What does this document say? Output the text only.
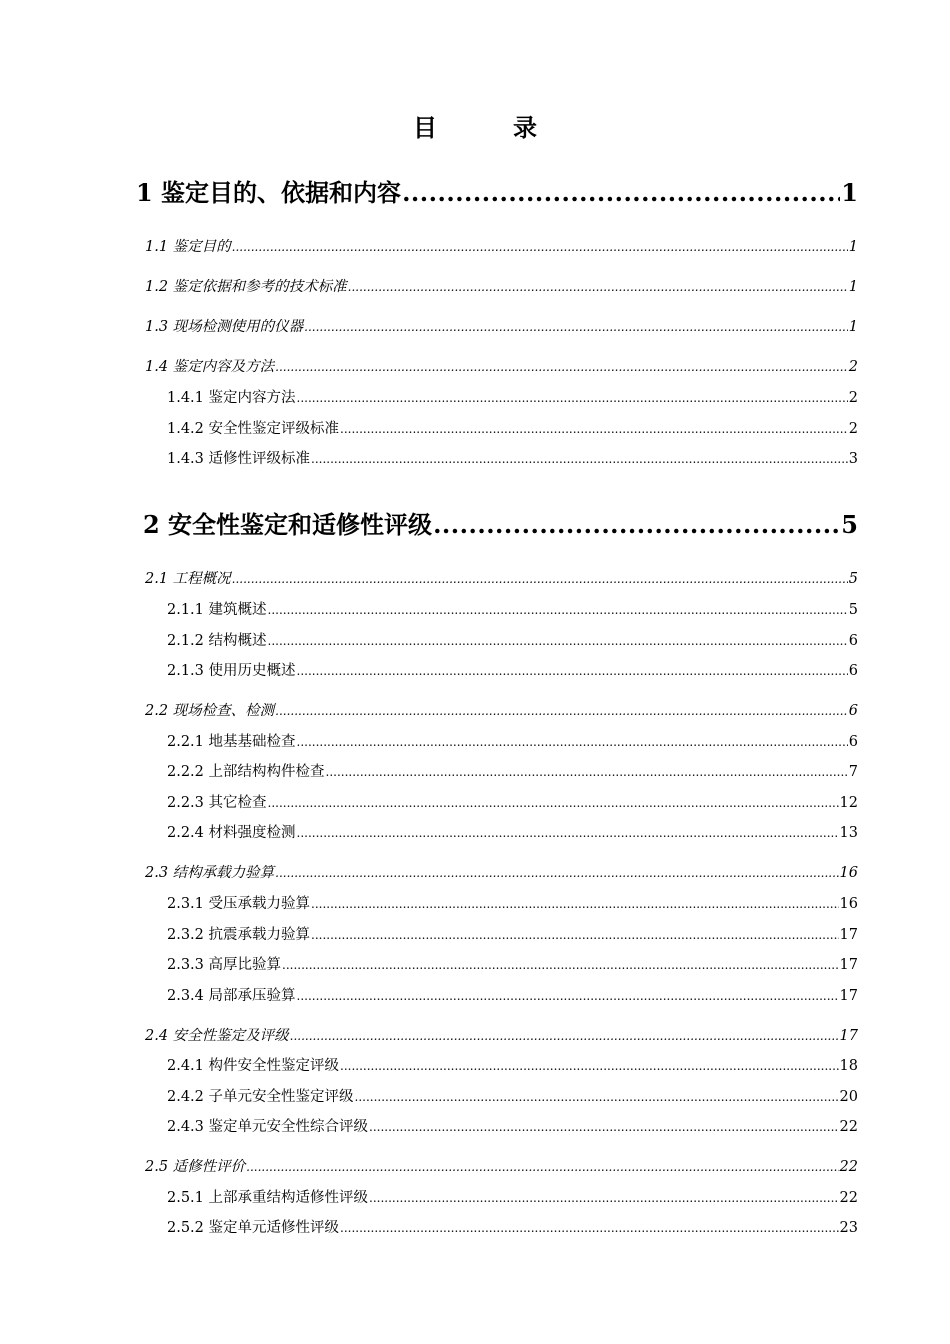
目　录
1 鉴定目的、依据和内容 .....	1
1.1 鉴定目的 .....	1
1.2 鉴定依据和参考的技术标准 .....	1
1.3 现场检测使用的仪器 .....	1
1.4 鉴定内容及方法 .....	2
1.4.1 鉴定内容方法 .....	2
1.4.2 安全性鉴定评级标准 .....	2
1.4.3 适修性评级标准 .....	3
2 安全性鉴定和适修性评级 .....	5
2.1 工程概况 .....	5
2.1.1 建筑概述 .....	5
2.1.2 结构概述 .....	6
2.1.3 使用历史概述 .....	6
2.2 现场检查、检测 .....	6
2.2.1 地基基础检查 .....	6
2.2.2 上部结构构件检查 .....	7
2.2.3 其它检查 .....	12
2.2.4 材料强度检测 .....	13
2.3 结构承载力验算 .....	16
2.3.1 受压承载力验算 .....	16
2.3.2 抗震承载力验算 .....	17
2.3.3 高厚比验算 .....	17
2.3.4 局部承压验算 .....	17
2.4 安全性鉴定及评级 .....	17
2.4.1 构件安全性鉴定评级 .....	18
2.4.2 子单元安全性鉴定评级 .....	20
2.4.3 鉴定单元安全性综合评级 .....	22
2.5 适修性评价 .....	22
2.5.1 上部承重结构适修性评级 .....	22
2.5.2 鉴定单元适修性评级 .....	23
